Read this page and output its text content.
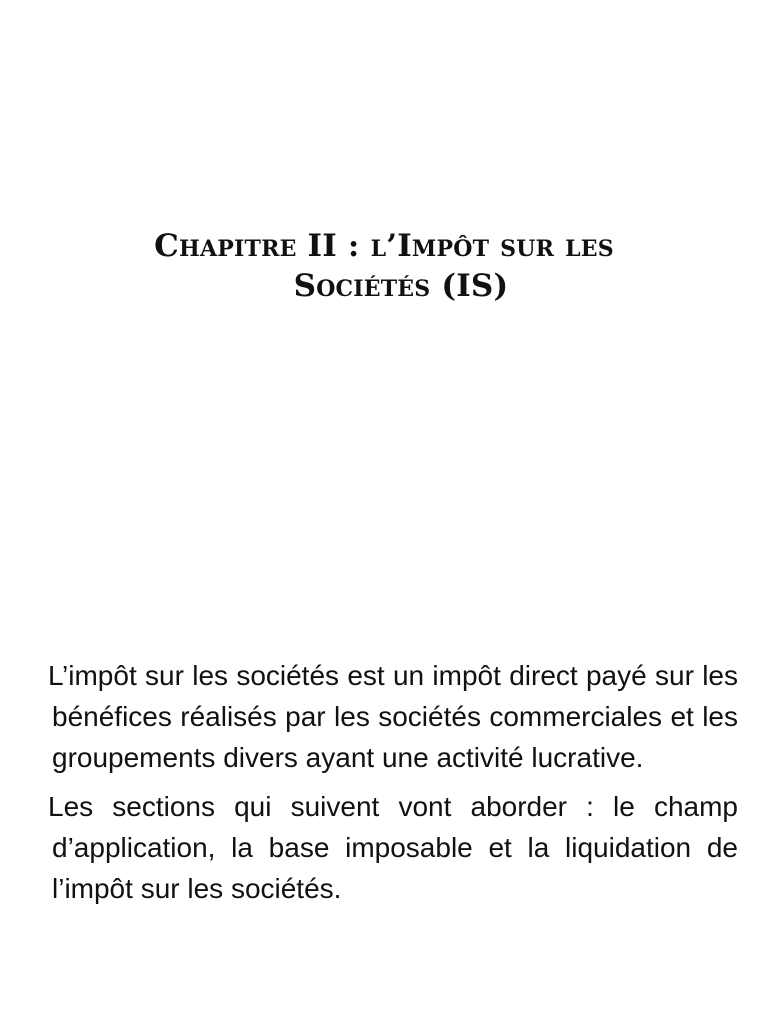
Chapitre II : l’Impôt sur les
Sociétés (IS)

L’impôt sur les sociétés est un impôt direct payé sur les bénéfices réalisés par les sociétés commerciales et les groupements divers ayant une activité lucrative.

Les sections qui suivent vont aborder : le champ d’application, la base imposable et la liquidation de l’impôt sur les sociétés.
